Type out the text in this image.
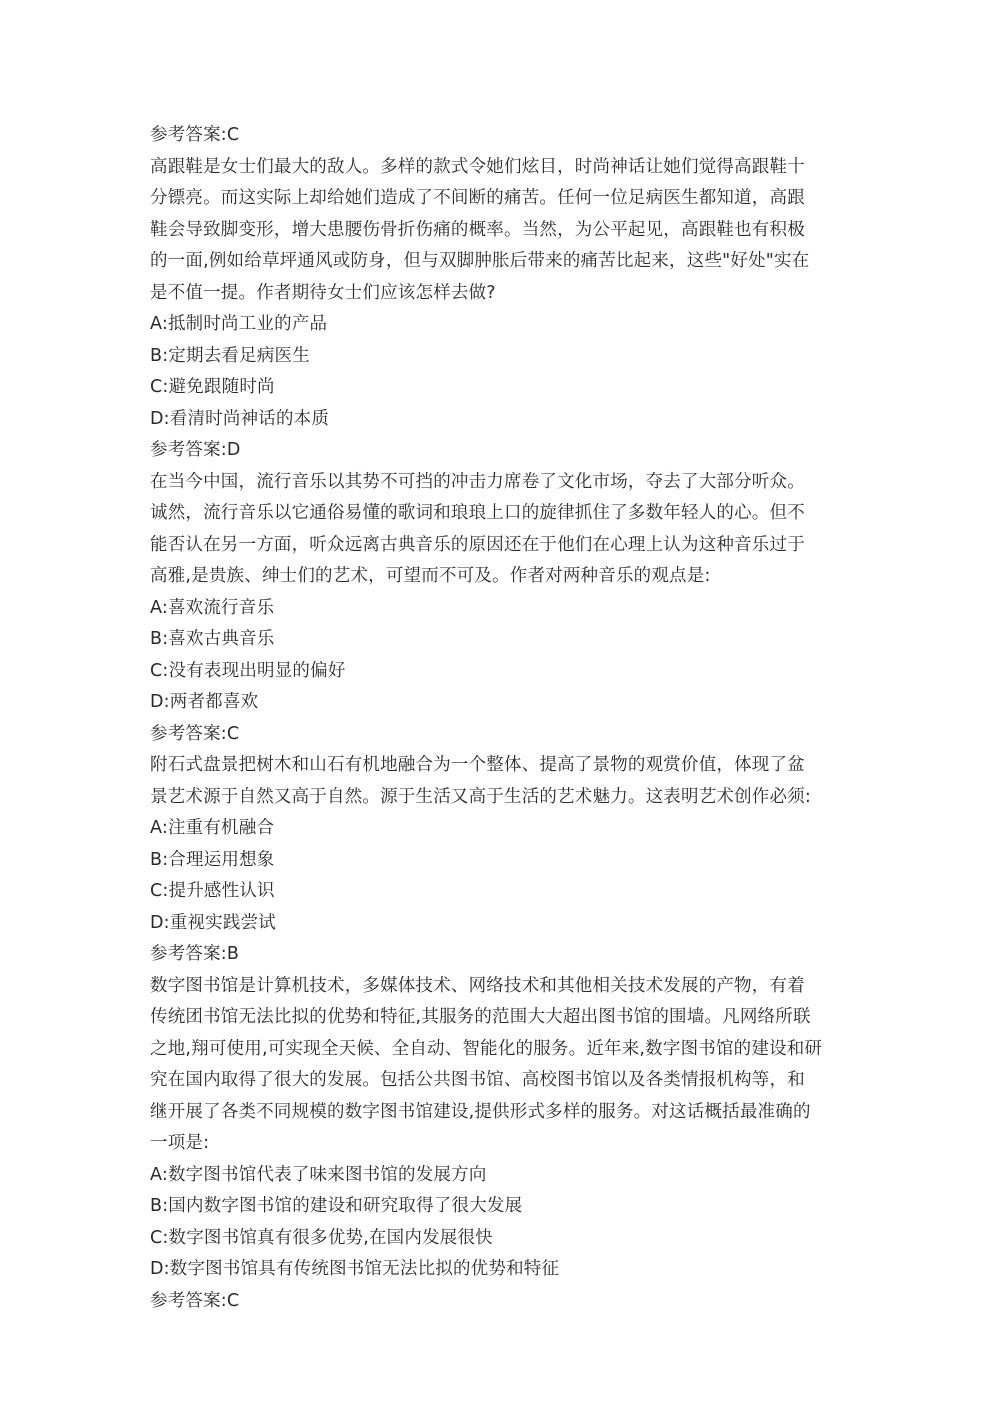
参考答案:C
高跟鞋是女士们最大的敌人。多样的款式令她们炫目，时尚神话让她们觉得高跟鞋十
分镖亮。而这实际上却给她们造成了不间断的痛苦。任何一位足病医生都知道，高跟
鞋会导致脚变形，增大患腰伤骨折伤痛的概率。当然，为公平起见，高跟鞋也有积极
的一面,例如给草坪通风或防身，但与双脚肿胀后带来的痛苦比起来，这些"好处"实在
是不值一提。作者期待女士们应该怎样去做?
A:抵制时尚工业的产品
B:定期去看足病医生
C:避免跟随时尚
D:看清时尚神话的本质
参考答案:D
在当今中国，流行音乐以其势不可挡的冲击力席卷了文化市场，夺去了大部分听众。
诚然，流行音乐以它通俗易懂的歌词和琅琅上口的旋律抓住了多数年轻人的心。但不
能否认在另一方面，听众远离古典音乐的原因还在于他们在心理上认为这种音乐过于
高雅,是贵族、绅士们的艺术，可望而不可及。作者对两种音乐的观点是:
A:喜欢流行音乐
B:喜欢古典音乐
C:没有表现出明显的偏好
D:两者都喜欢
参考答案:C
附石式盘景把树木和山石有机地融合为一个整体、提高了景物的观赏价值，体现了盆
景艺术源于自然又高于自然。源于生活又高于生活的艺术魅力。这表明艺术创作必须:
A:注重有机融合
B:合理运用想象
C:提升感性认识
D:重视实践尝试
参考答案:B
数字图书馆是计算机技术，多媒体技术、网络技术和其他相关技术发展的产物，有着
传统团书馆无法比拟的优势和特征,其服务的范围大大超出图书馆的围墙。凡网络所联
之地,翔可使用,可实现全天候、全自动、智能化的服务。近年来,数字图书馆的建设和研
究在国内取得了很大的发展。包括公共图书馆、高校图书馆以及各类情报机构等，和
继开展了各类不同规模的数字图书馆建设,提供形式多样的服务。对这话概括最准确的
一项是:
A:数字图书馆代表了味来图书馆的发展方向
B:国内数字图书馆的建设和研究取得了很大发展
C:数字图书馆真有很多优势,在国内发展很快
D:数字图书馆具有传统图书馆无法比拟的优势和特征
参考答案:C
